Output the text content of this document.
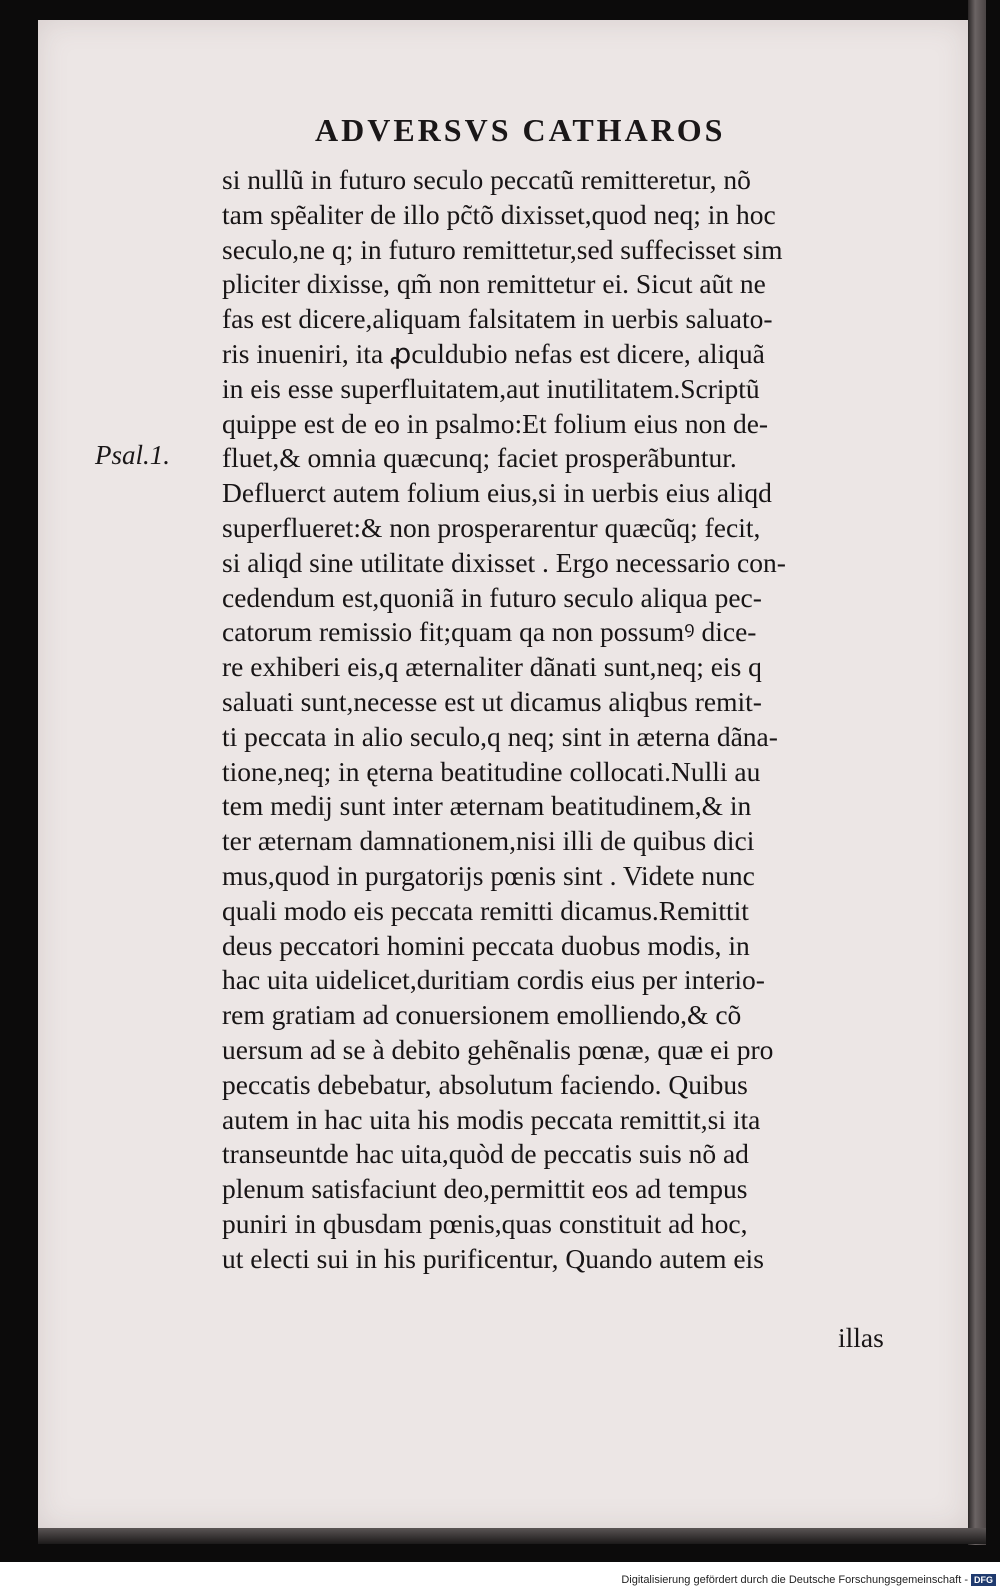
ADVERSVS CATHAROS
Psal.1.
si nullũ in futuro seculo peccatũ remitteretur, nõ
tam spẽaliter de illo pc̃tõ dixisset,quod neq; in hoc
seculo,ne q; in futuro remittetur,sed suffecisset sim
pliciter dixisse, qm̃ non remittetur ei. Sicut aũt ne
fas est dicere,aliquam falsitatem in uerbis saluato-
ris inueniri, ita ꝓculdubio nefas est dicere, aliquã
in eis esse superfluitatem,aut inutilitatem.Scriptũ
quippe est de eo in psalmo:Et folium eius non de-
fluet,& omnia quæcunq; faciet prosperãbuntur.
Defluerct autem folium eius,si in uerbis eius aliqd
superflueret:& non prosperarentur quæcũq; fecit,
si aliqd sine utilitate dixisset . Ergo necessario con-
cedendum est,quoniã in futuro seculo aliqua pec-
catorum remissio fit;quam qa non possumꝰ dice-
re exhiberi eis,q æternaliter dãnati sunt,neq; eis q
saluati sunt,necesse est ut dicamus aliqbus remit-
ti peccata in alio seculo,q neq; sint in æterna dãna-
tione,neq; in ęterna beatitudine collocati.Nulli au
tem medij sunt inter æternam beatitudinem,& in
ter æternam damnationem,nisi illi de quibus dici
mus,quod in purgatorijs pœnis sint . Videte nunc
quali modo eis peccata remitti dicamus.Remittit
deus peccatori homini peccata duobus modis, in
hac uita uidelicet,duritiam cordis eius per interio-
rem gratiam ad conuersionem emolliendo,& cõ
uersum ad se à debito gehẽnalis pœnæ, quæ ei pro
peccatis debebatur, absolutum faciendo. Quibus
autem in hac uita his modis peccata remittit,si ita
transeuntde hac uita,quòd de peccatis suis nõ ad
plenum satisfaciunt deo,permittit eos ad tempus
puniri in qbusdam pœnis,quas constituit ad hoc,
ut electi sui in his purificentur, Quando autem eis
illas
Digitalisierung gefördert durch die Deutsche Forschungsgemeinschaft - DFG
